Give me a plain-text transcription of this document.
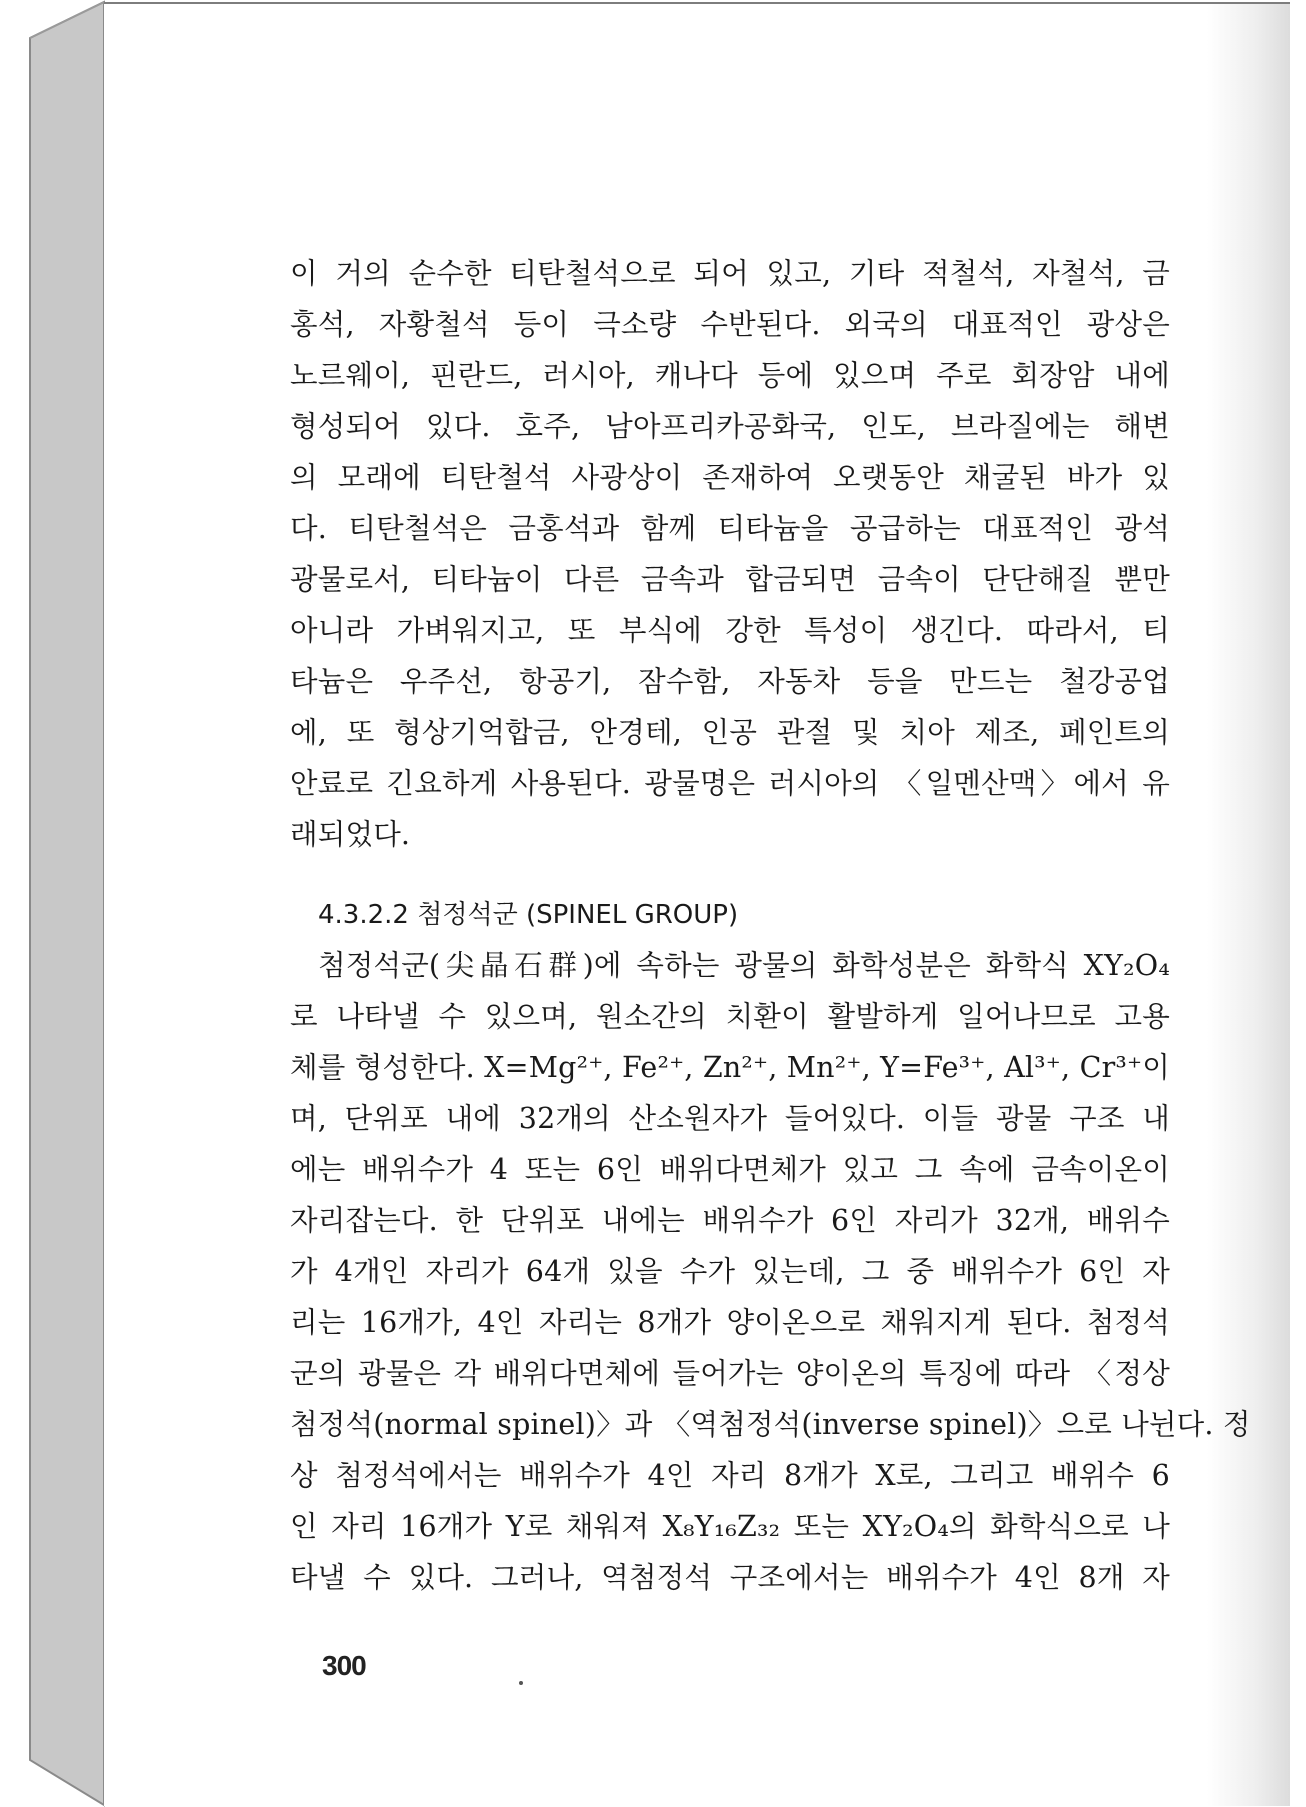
이 거의 순수한 티탄철석으로 되어 있고, 기타 적철석, 자철석, 금
홍석, 자황철석 등이 극소량 수반된다. 외국의 대표적인 광상은
노르웨이, 핀란드, 러시아, 캐나다 등에 있으며 주로 회장암 내에
형성되어 있다. 호주, 남아프리카공화국, 인도, 브라질에는 해변
의 모래에 티탄철석 사광상이 존재하여 오랫동안 채굴된 바가 있
다. 티탄철석은 금홍석과 함께 티타늄을 공급하는 대표적인 광석
광물로서, 티타늄이 다른 금속과 합금되면 금속이 단단해질 뿐만
아니라 가벼워지고, 또 부식에 강한 특성이 생긴다. 따라서, 티
타늄은 우주선, 항공기, 잠수함, 자동차 등을 만드는 철강공업
에, 또 형상기억합금, 안경테, 인공 관절 및 치아 제조, 페인트의
안료로 긴요하게 사용된다. 광물명은 러시아의 〈일멘산맥〉에서 유
래되었다.
4.3.2.2 첨정석군 (SPINEL GROUP)
첨정석군(尖晶石群)에 속하는 광물의 화학성분은 화학식 XY₂O₄
로 나타낼 수 있으며, 원소간의 치환이 활발하게 일어나므로 고용
체를 형성한다. X=Mg²⁺, Fe²⁺, Zn²⁺, Mn²⁺, Y=Fe³⁺, Al³⁺, Cr³⁺이
며, 단위포 내에 32개의 산소원자가 들어있다. 이들 광물 구조 내
에는 배위수가 4 또는 6인 배위다면체가 있고 그 속에 금속이온이
자리잡는다. 한 단위포 내에는 배위수가 6인 자리가 32개, 배위수
가 4개인 자리가 64개 있을 수가 있는데, 그 중 배위수가 6인 자
리는 16개가, 4인 자리는 8개가 양이온으로 채워지게 된다. 첨정석
군의 광물은 각 배위다면체에 들어가는 양이온의 특징에 따라 〈정상
첨정석(normal spinel)〉과 〈역첨정석(inverse spinel)〉으로 나뉜다. 정
상 첨정석에서는 배위수가 4인 자리 8개가 X로, 그리고 배위수 6
인 자리 16개가 Y로 채워져 X₈Y₁₆Z₃₂ 또는 XY₂O₄의 화학식으로 나
타낼 수 있다. 그러나, 역첨정석 구조에서는 배위수가 4인 8개 자
300
